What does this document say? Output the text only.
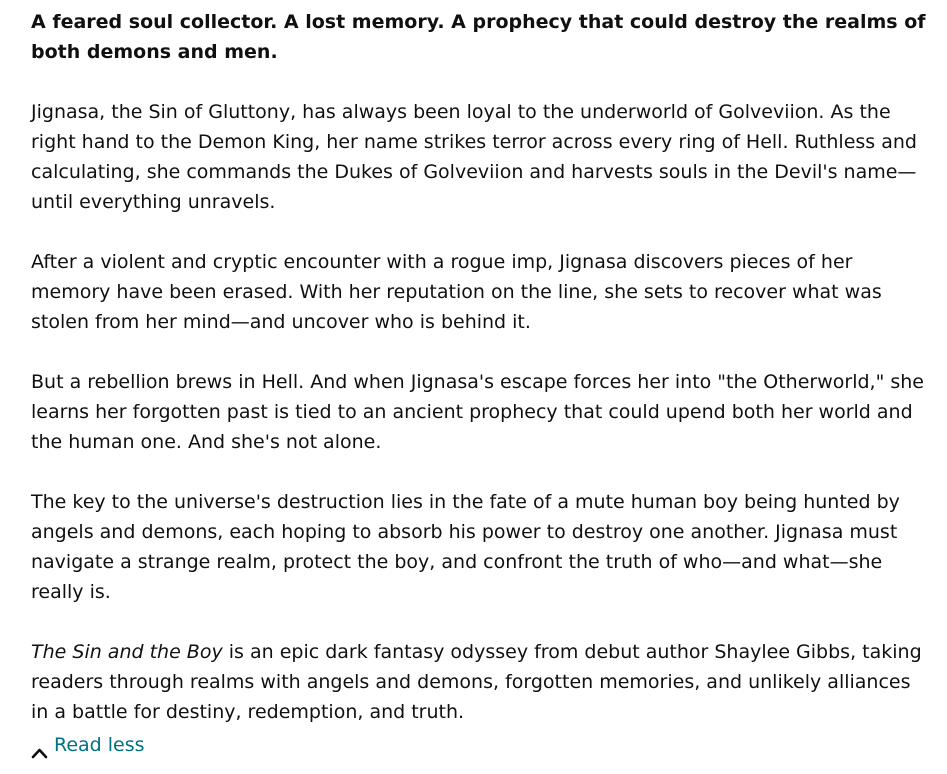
A feared soul collector. A lost memory. A prophecy that could destroy the realms of both demons and men.

Jignasa, the Sin of Gluttony, has always been loyal to the underworld of Golveviion. As the right hand to the Demon King, her name strikes terror across every ring of Hell. Ruthless and calculating, she commands the Dukes of Golveviion and harvests souls in the Devil's name—until everything unravels.

After a violent and cryptic encounter with a rogue imp, Jignasa discovers pieces of her memory have been erased. With her reputation on the line, she sets to recover what was stolen from her mind—and uncover who is behind it.

But a rebellion brews in Hell. And when Jignasa's escape forces her into "the Otherworld," she learns her forgotten past is tied to an ancient prophecy that could upend both her world and the human one. And she's not alone.

The key to the universe's destruction lies in the fate of a mute human boy being hunted by angels and demons, each hoping to absorb his power to destroy one another. Jignasa must navigate a strange realm, protect the boy, and confront the truth of who—and what—she really is.

The Sin and the Boy is an epic dark fantasy odyssey from debut author Shaylee Gibbs, taking readers through realms with angels and demons, forgotten memories, and unlikely alliances in a battle for destiny, redemption, and truth.

Read less
